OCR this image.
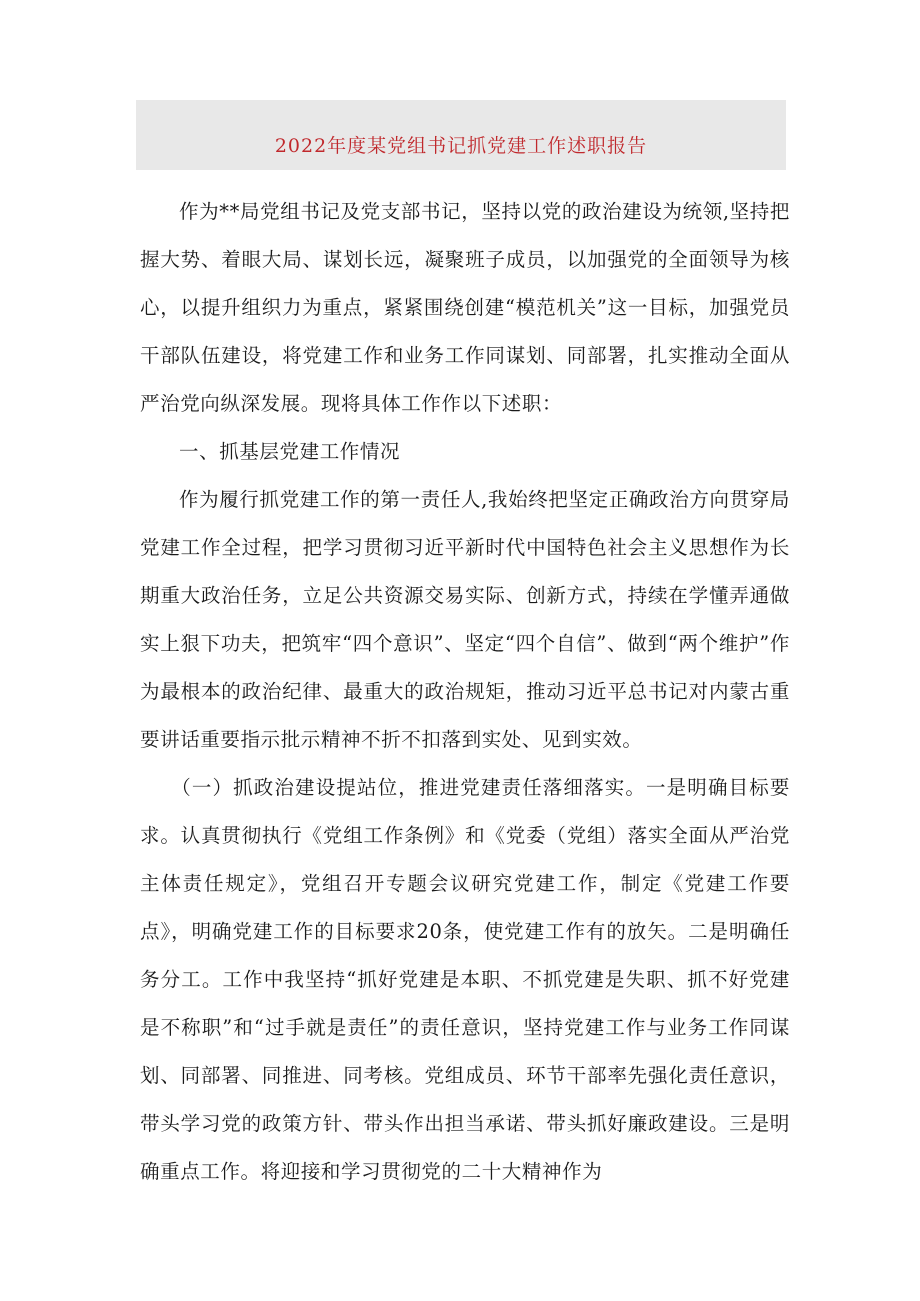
2022年度某党组书记抓党建工作述职报告

作为**局党组书记及党支部书记，坚持以党的政治建设为统领,坚持把握大势、着眼大局、谋划长远，凝聚班子成员，以加强党的全面领导为核心，以提升组织力为重点，紧紧围绕创建“模范机关”这一目标，加强党员干部队伍建设，将党建工作和业务工作同谋划、同部署，扎实推动全面从严治党向纵深发展。现将具体工作作以下述职：

一、抓基层党建工作情况

作为履行抓党建工作的第一责任人,我始终把坚定正确政治方向贯穿局党建工作全过程，把学习贯彻习近平新时代中国特色社会主义思想作为长期重大政治任务，立足公共资源交易实际、创新方式，持续在学懂弄通做实上狠下功夫，把筑牢“四个意识”、坚定“四个自信”、做到“两个维护”作为最根本的政治纪律、最重大的政治规矩，推动习近平总书记对内蒙古重要讲话重要指示批示精神不折不扣落到实处、见到实效。

（一）抓政治建设提站位，推进党建责任落细落实。一是明确目标要求。认真贯彻执行《党组工作条例》和《党委（党组）落实全面从严治党主体责任规定》，党组召开专题会议研究党建工作，制定《党建工作要点》，明确党建工作的目标要求20条，使党建工作有的放矢。二是明确任务分工。工作中我坚持“抓好党建是本职、不抓党建是失职、抓不好党建是不称职”和“过手就是责任”的责任意识，坚持党建工作与业务工作同谋划、同部署、同推进、同考核。党组成员、环节干部率先强化责任意识，带头学习党的政策方针、带头作出担当承诺、带头抓好廉政建设。三是明确重点工作。将迎接和学习贯彻党的二十大精神作为
